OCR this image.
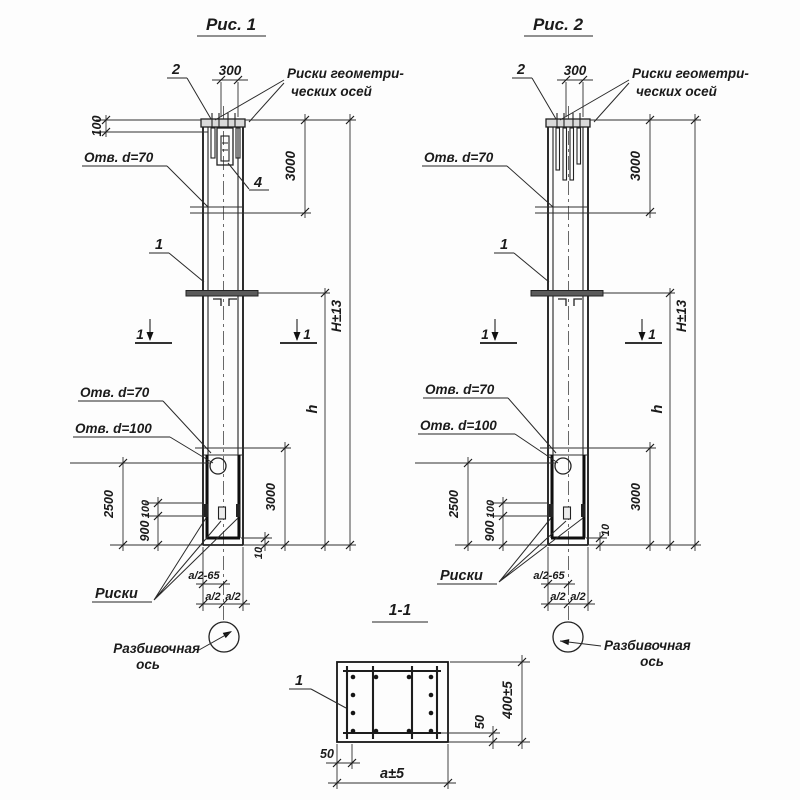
Рис. 1
2	300	Риски геометри-
ческих осей
100
Отв. d=70
4
3000
1
1	1
H±13
h
Отв. d=70
Отв. d=100
2500 100
900
3000
10
Риски
a/2-65
a/2 a/2
Разбивочная
ось
Рис. 2
2	300	Риски геометри-
ческих осей
Отв. d=70	3000
1
1	1
H±13
h
Отв. d=70
Отв. d=100
2500 100
900
3000
10
Риски	a/2-65
a/2 a/2
Разбивочная
ось
1-1
1
50
a±5
50
400±5
